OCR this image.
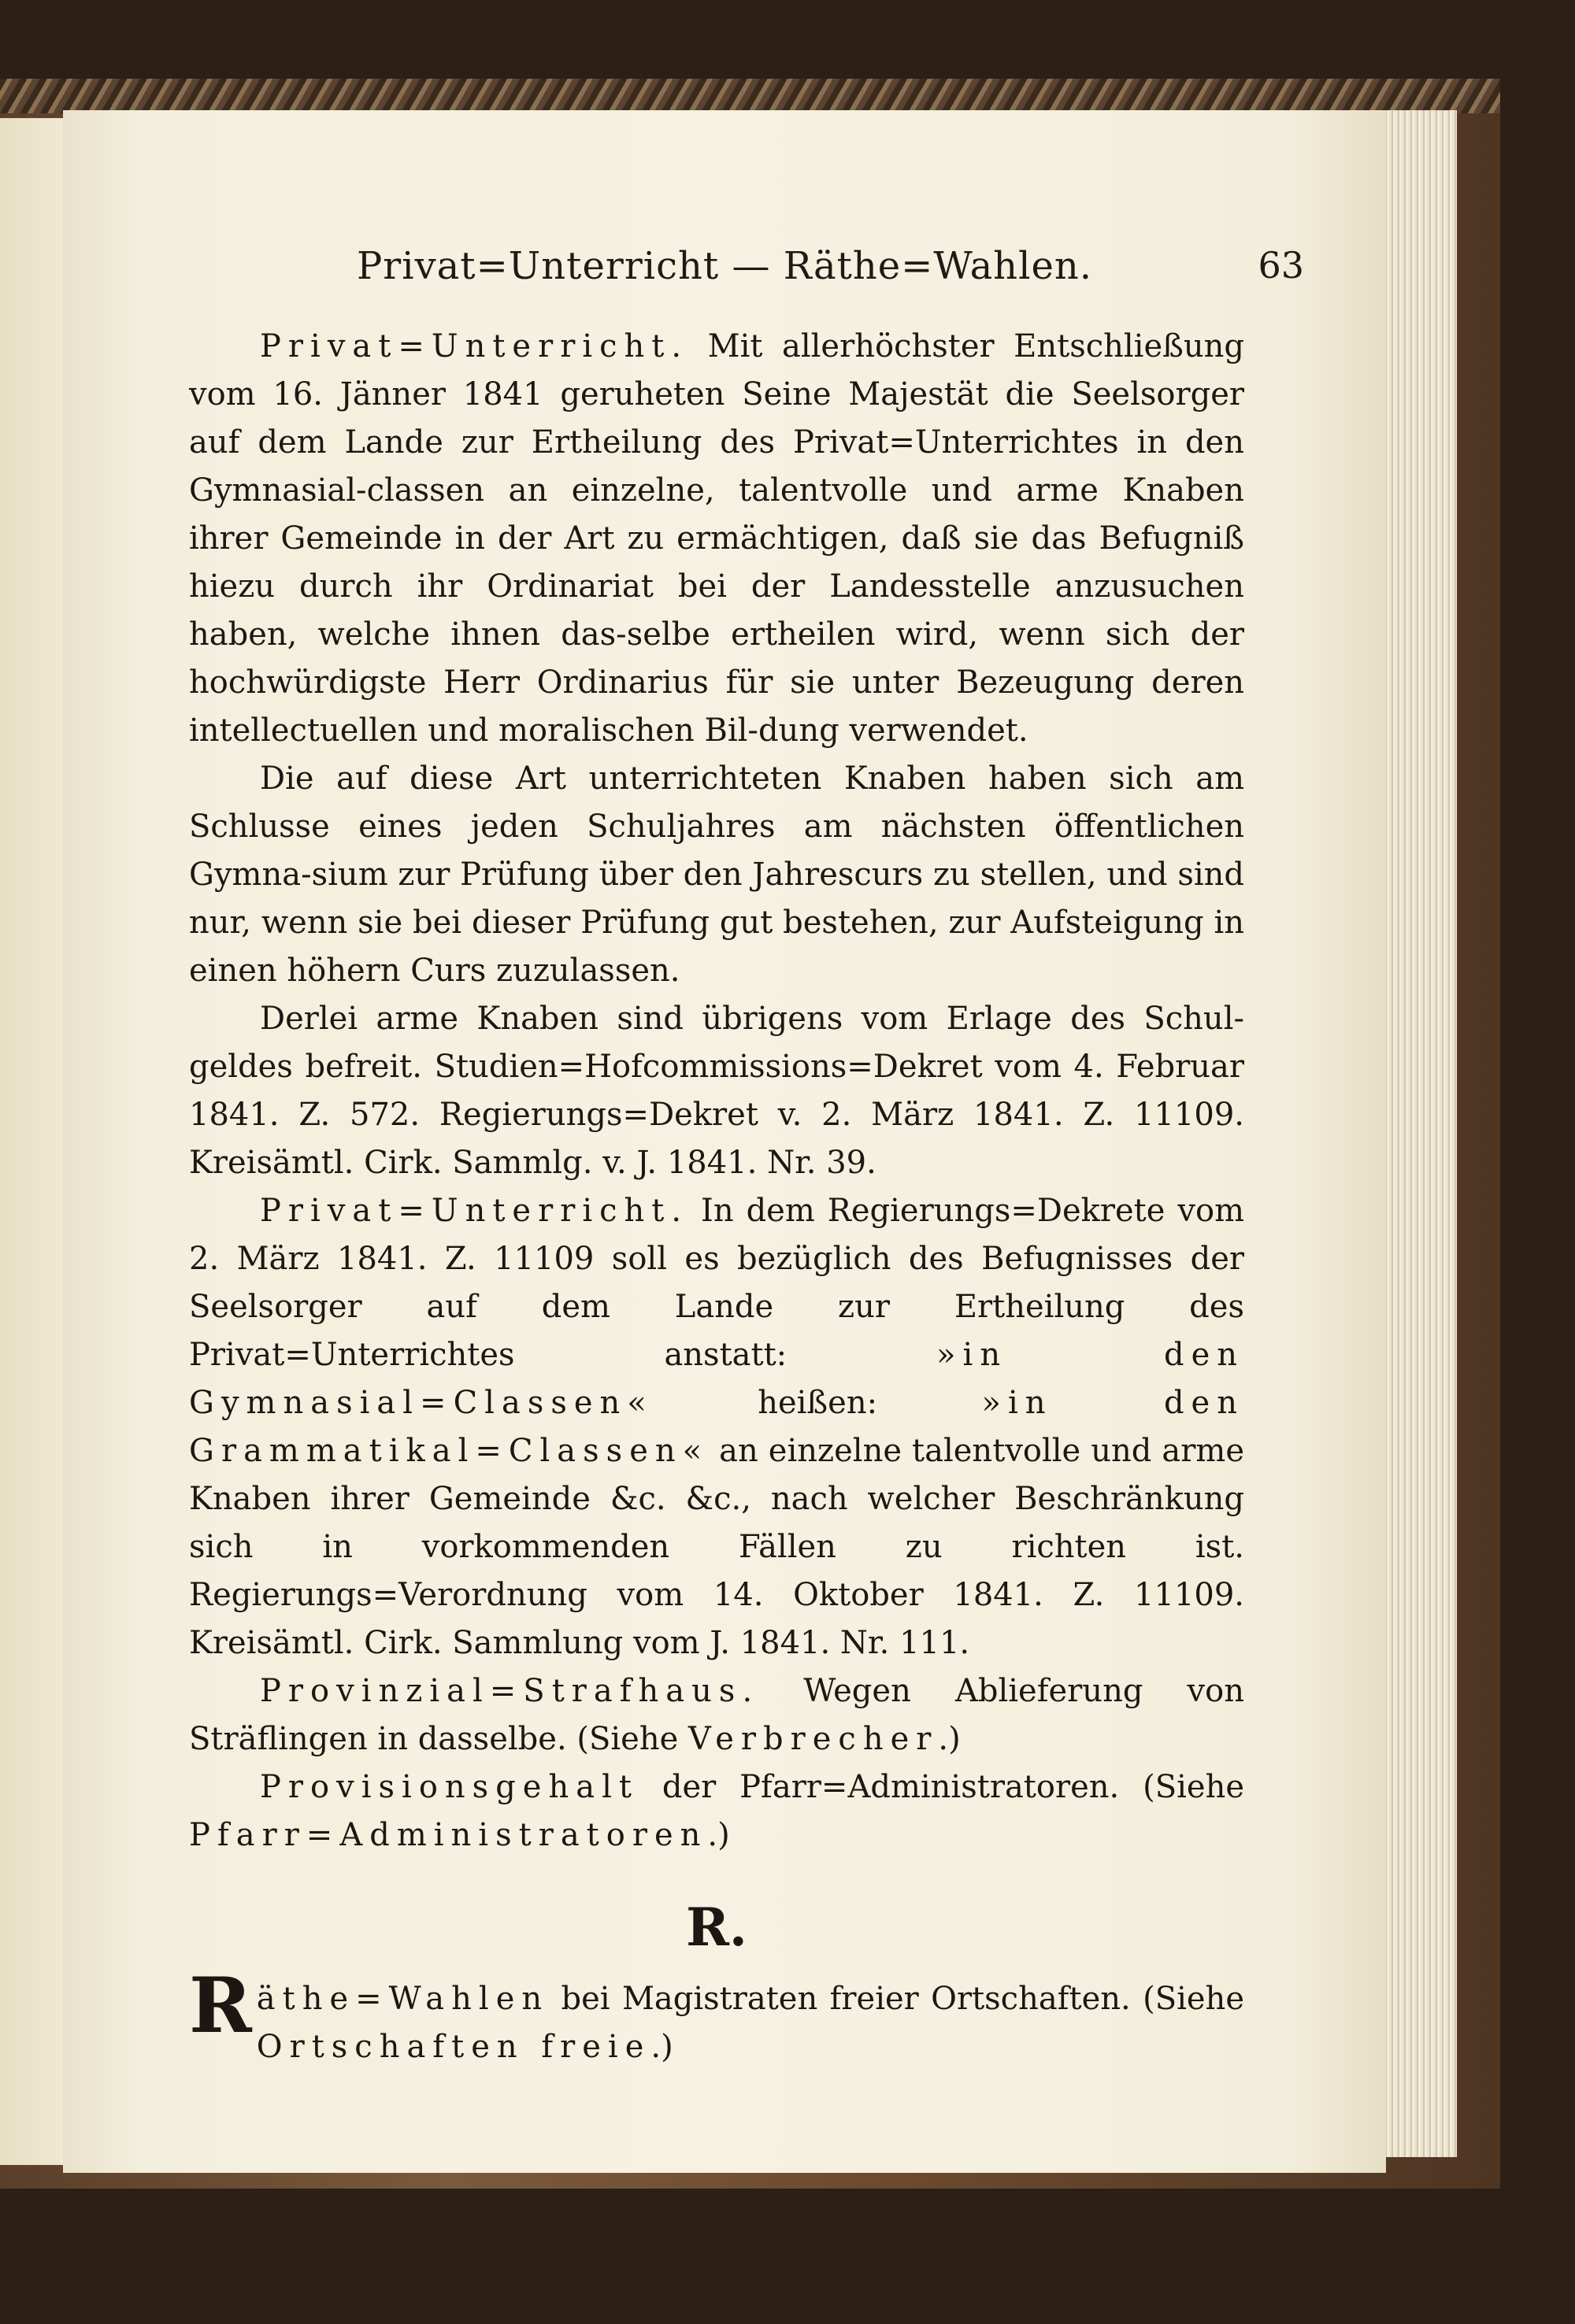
Privat=Unterricht — Räthe=Wahlen.	63

Privat=Unterricht. Mit allerhöchster Entschließung vom 16. Jänner 1841 geruheten Seine Majestät die Seelsorger auf dem Lande zur Ertheilung des Privat=Unterrichtes in den Gymnasial-classen an einzelne, talentvolle und arme Knaben ihrer Gemeinde in der Art zu ermächtigen, daß sie das Befugniß hiezu durch ihr Ordinariat bei der Landesstelle anzusuchen haben, welche ihnen das-selbe ertheilen wird, wenn sich der hochwürdigste Herr Ordinarius für sie unter Bezeugung deren intellectuellen und moralischen Bil-dung verwendet.

Die auf diese Art unterrichteten Knaben haben sich am Schlusse eines jeden Schuljahres am nächsten öffentlichen Gymna-sium zur Prüfung über den Jahrescurs zu stellen, und sind nur, wenn sie bei dieser Prüfung gut bestehen, zur Aufsteigung in einen höhern Curs zuzulassen.

Derlei arme Knaben sind übrigens vom Erlage des Schul-geldes befreit. Studien=Hofcommissions=Dekret vom 4. Februar 1841. Z. 572. Regierungs=Dekret v. 2. März 1841. Z. 11109. Kreisämtl. Cirk. Sammlg. v. J. 1841. Nr. 39.

Privat=Unterricht. In dem Regierungs=Dekrete vom 2. März 1841. Z. 11109 soll es bezüglich des Befugnisses der Seelsorger auf dem Lande zur Ertheilung des Privat=Unterrichtes anstatt: »in den Gymnasial=Classen« heißen: »in den Grammatikal=Classen« an einzelne talentvolle und arme Knaben ihrer Gemeinde &c. &c., nach welcher Beschränkung sich in vorkommenden Fällen zu richten ist. Regierungs=Verordnung vom 14. Oktober 1841. Z. 11109. Kreisämtl. Cirk. Sammlung vom J. 1841. Nr. 111.

Provinzial=Strafhaus. Wegen Ablieferung von Sträflingen in dasselbe. (Siehe Verbrecher.)

Provisionsgehalt der Pfarr=Administratoren. (Siehe Pfarr=Administratoren.)

R.

Räthe=Wahlen bei Magistraten freier Ortschaften. (Siehe Ortschaften freie.)
